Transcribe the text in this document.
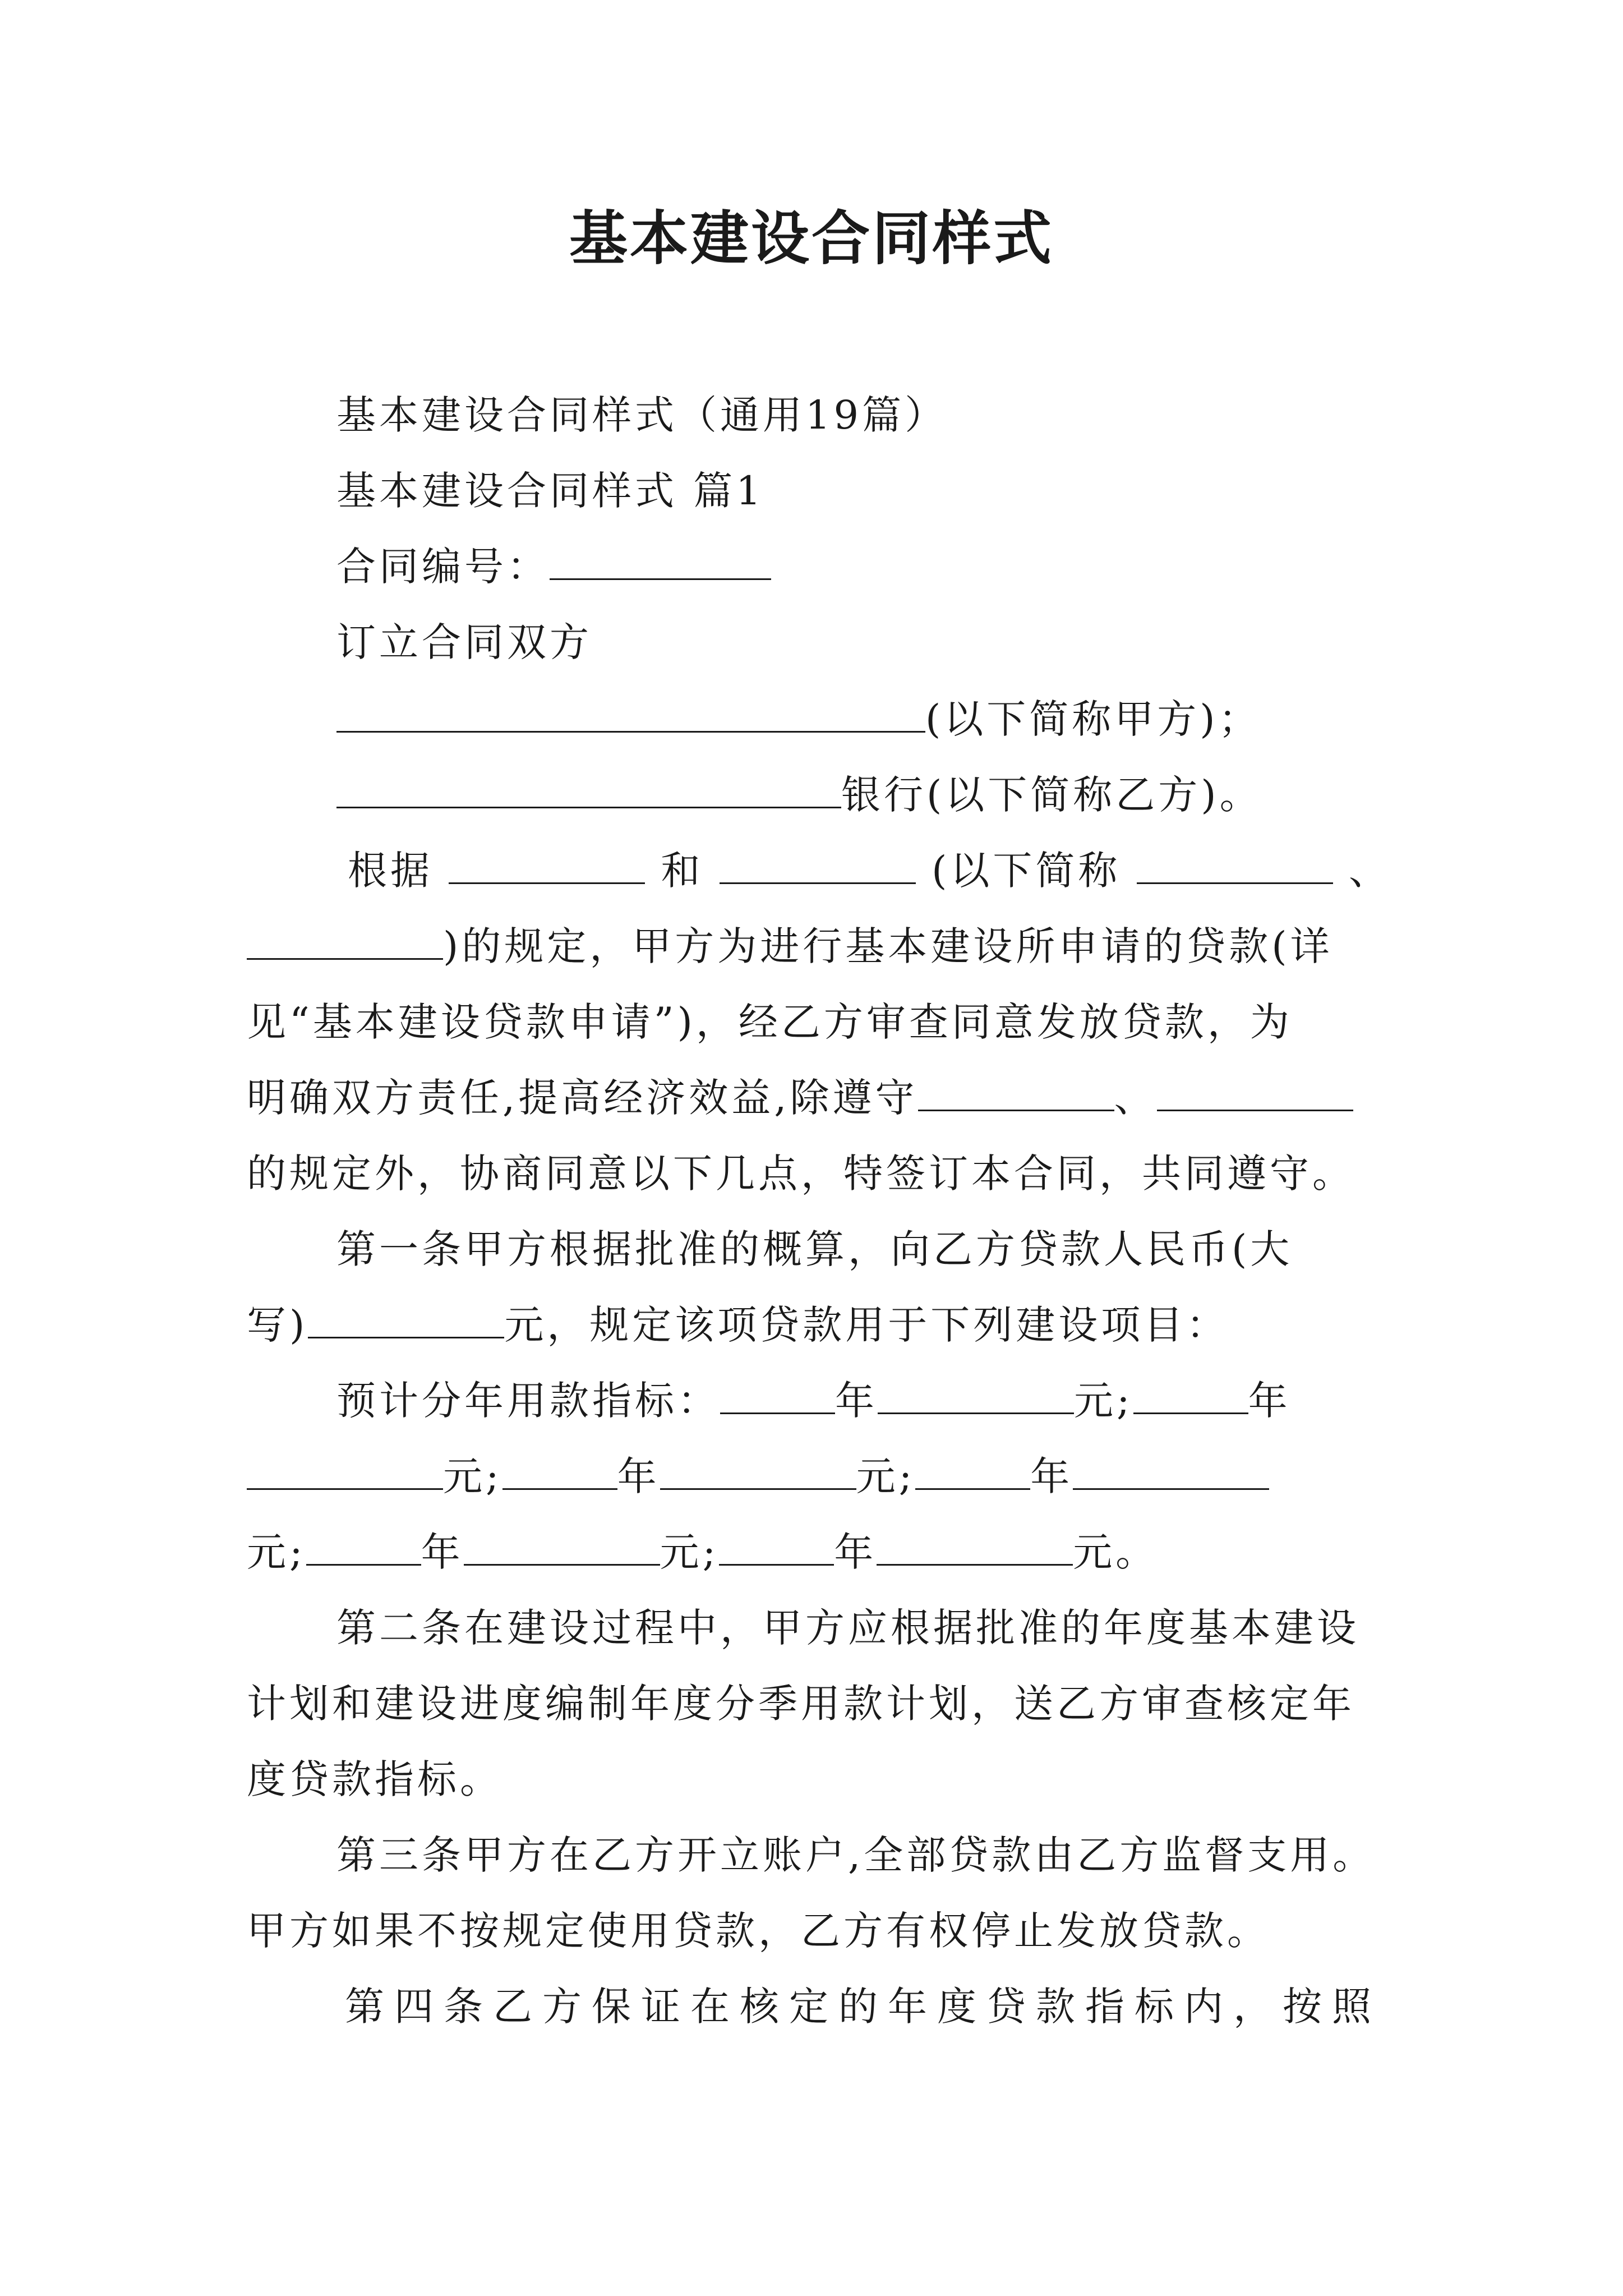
基本建设合同样式
基本建设合同样式（通用19篇）
基本建设合同样式 篇1
合同编号：
订立合同双方
(以下简称甲方)；
银行(以下简称乙方)。
根据	和	(以下简称	、
)的规定，甲方为进行基本建设所申请的贷款(详
见“基本建设贷款申请”)，经乙方审查同意发放贷款，为
明确双方责任,提高经济效益,除遵守	、
的规定外，协商同意以下几点，特签订本合同，共同遵守。
第一条甲方根据批准的概算，向乙方贷款人民币(大
写)	元，规定该项贷款用于下列建设项目：
预计分年用款指标：	年	元;	年
元;	年	元;	年
元;	年	元;	年	元。
第二条在建设过程中，甲方应根据批准的年度基本建设
计划和建设进度编制年度分季用款计划，送乙方审查核定年
度贷款指标。
第三条甲方在乙方开立账户,全部贷款由乙方监督支用。
甲方如果不按规定使用贷款，乙方有权停止发放贷款。
第四条乙方保证在核定的年度贷款指标内，按照
